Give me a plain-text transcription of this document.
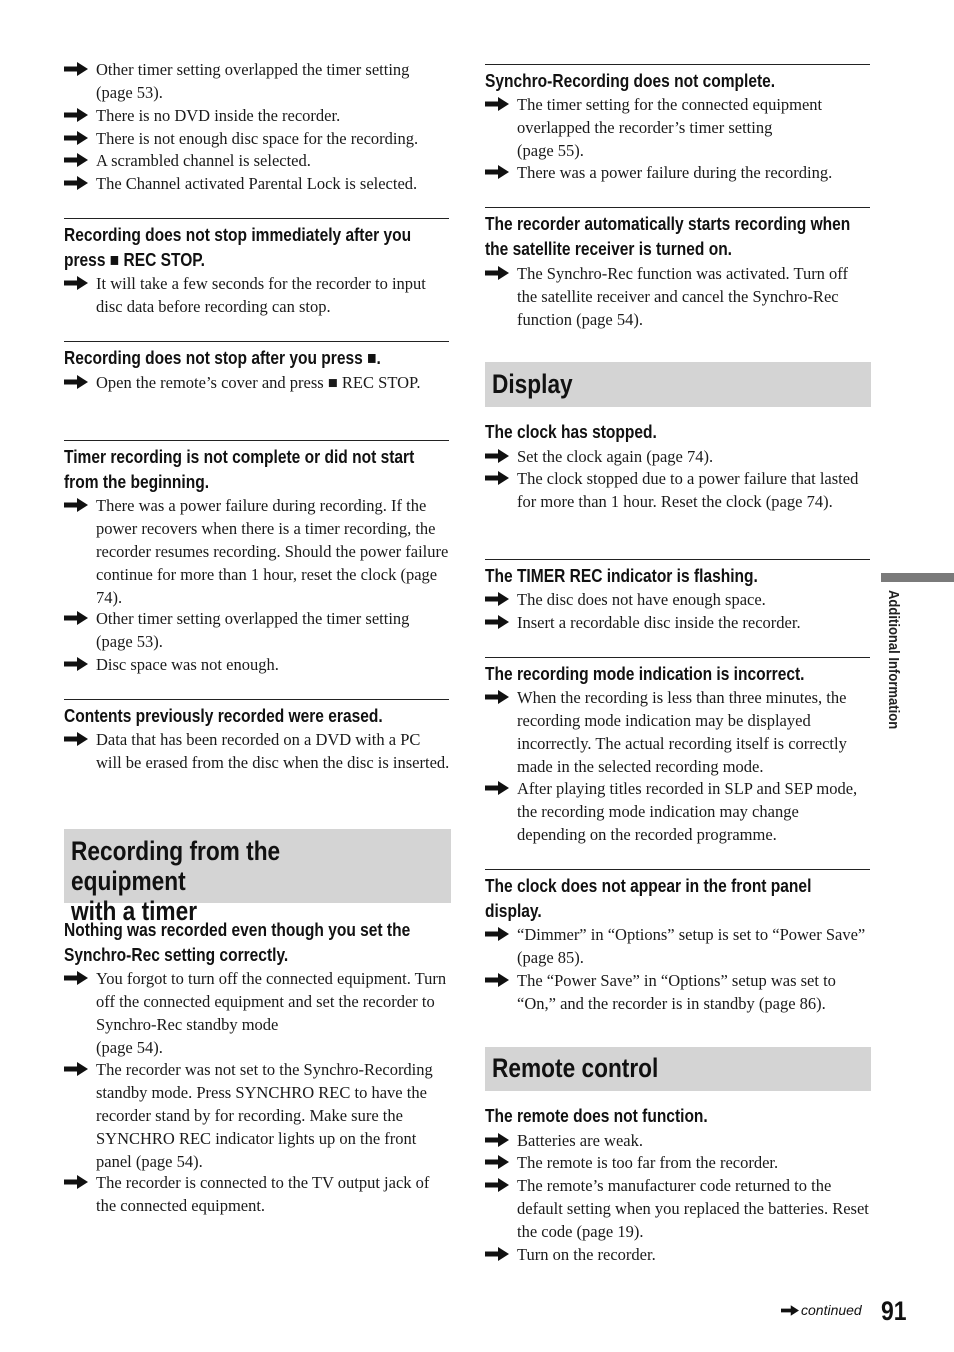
Other timer setting overlapped the timer setting (page 53).
There is no DVD inside the recorder.
There is not enough disc space for the recording.
A scrambled channel is selected.
The Channel activated Parental Lock is selected.
Recording does not stop immediately after you press ■ REC STOP.
It will take a few seconds for the recorder to input disc data before recording can stop.
Recording does not stop after you press ■.
Open the remote’s cover and press ■ REC STOP.
Timer recording is not complete or did not start from the beginning.
There was a power failure during recording. If the power recovers when there is a timer recording, the recorder resumes recording. Should the power failure continue for more than 1 hour, reset the clock (page 74).
Other timer setting overlapped the timer setting (page 53).
Disc space was not enough.
Contents previously recorded were erased.
Data that has been recorded on a DVD with a PC will be erased from the disc when the disc is inserted.
Recording from the equipment
with a timer
Nothing was recorded even though you set the Synchro-Rec setting correctly.
You forgot to turn off the connected equipment. Turn off the connected equipment and set the recorder to Synchro-Rec standby mode
(page 54).
The recorder was not set to the Synchro-Recording standby mode. Press SYNCHRO REC to have the recorder stand by for recording. Make sure the SYNCHRO REC indicator lights up on the front panel (page 54).
The recorder is connected to the TV output jack of the connected equipment.
Synchro-Recording does not complete.
The timer setting for the connected equipment overlapped the recorder’s timer setting
(page 55).
There was a power failure during the recording.
The recorder automatically starts recording when the satellite receiver is turned on.
The Synchro-Rec function was activated. Turn off the satellite receiver and cancel the Synchro-Rec function (page 54).
Display
The clock has stopped.
Set the clock again (page 74).
The clock stopped due to a power failure that lasted for more than 1 hour. Reset the clock (page 74).
The TIMER REC indicator is flashing.
The disc does not have enough space.
Insert a recordable disc inside the recorder.
The recording mode indication is incorrect.
When the recording is less than three minutes, the recording mode indication may be displayed incorrectly. The actual recording itself is correctly made in the selected recording mode.
After playing titles recorded in SLP and SEP mode, the recording mode indication may change depending on the recorded programme.
The clock does not appear in the front panel display.
“Dimmer” in “Options” setup is set to “Power Save” (page 85).
The “Power Save” in “Options” setup was set to “On,” and the recorder is in standby (page 86).
Remote control
The remote does not function.
Batteries are weak.
The remote is too far from the recorder.
The remote’s manufacturer code returned to the default setting when you replaced the batteries. Reset the code (page 19).
Turn on the recorder.
Additional Information
continued 91
